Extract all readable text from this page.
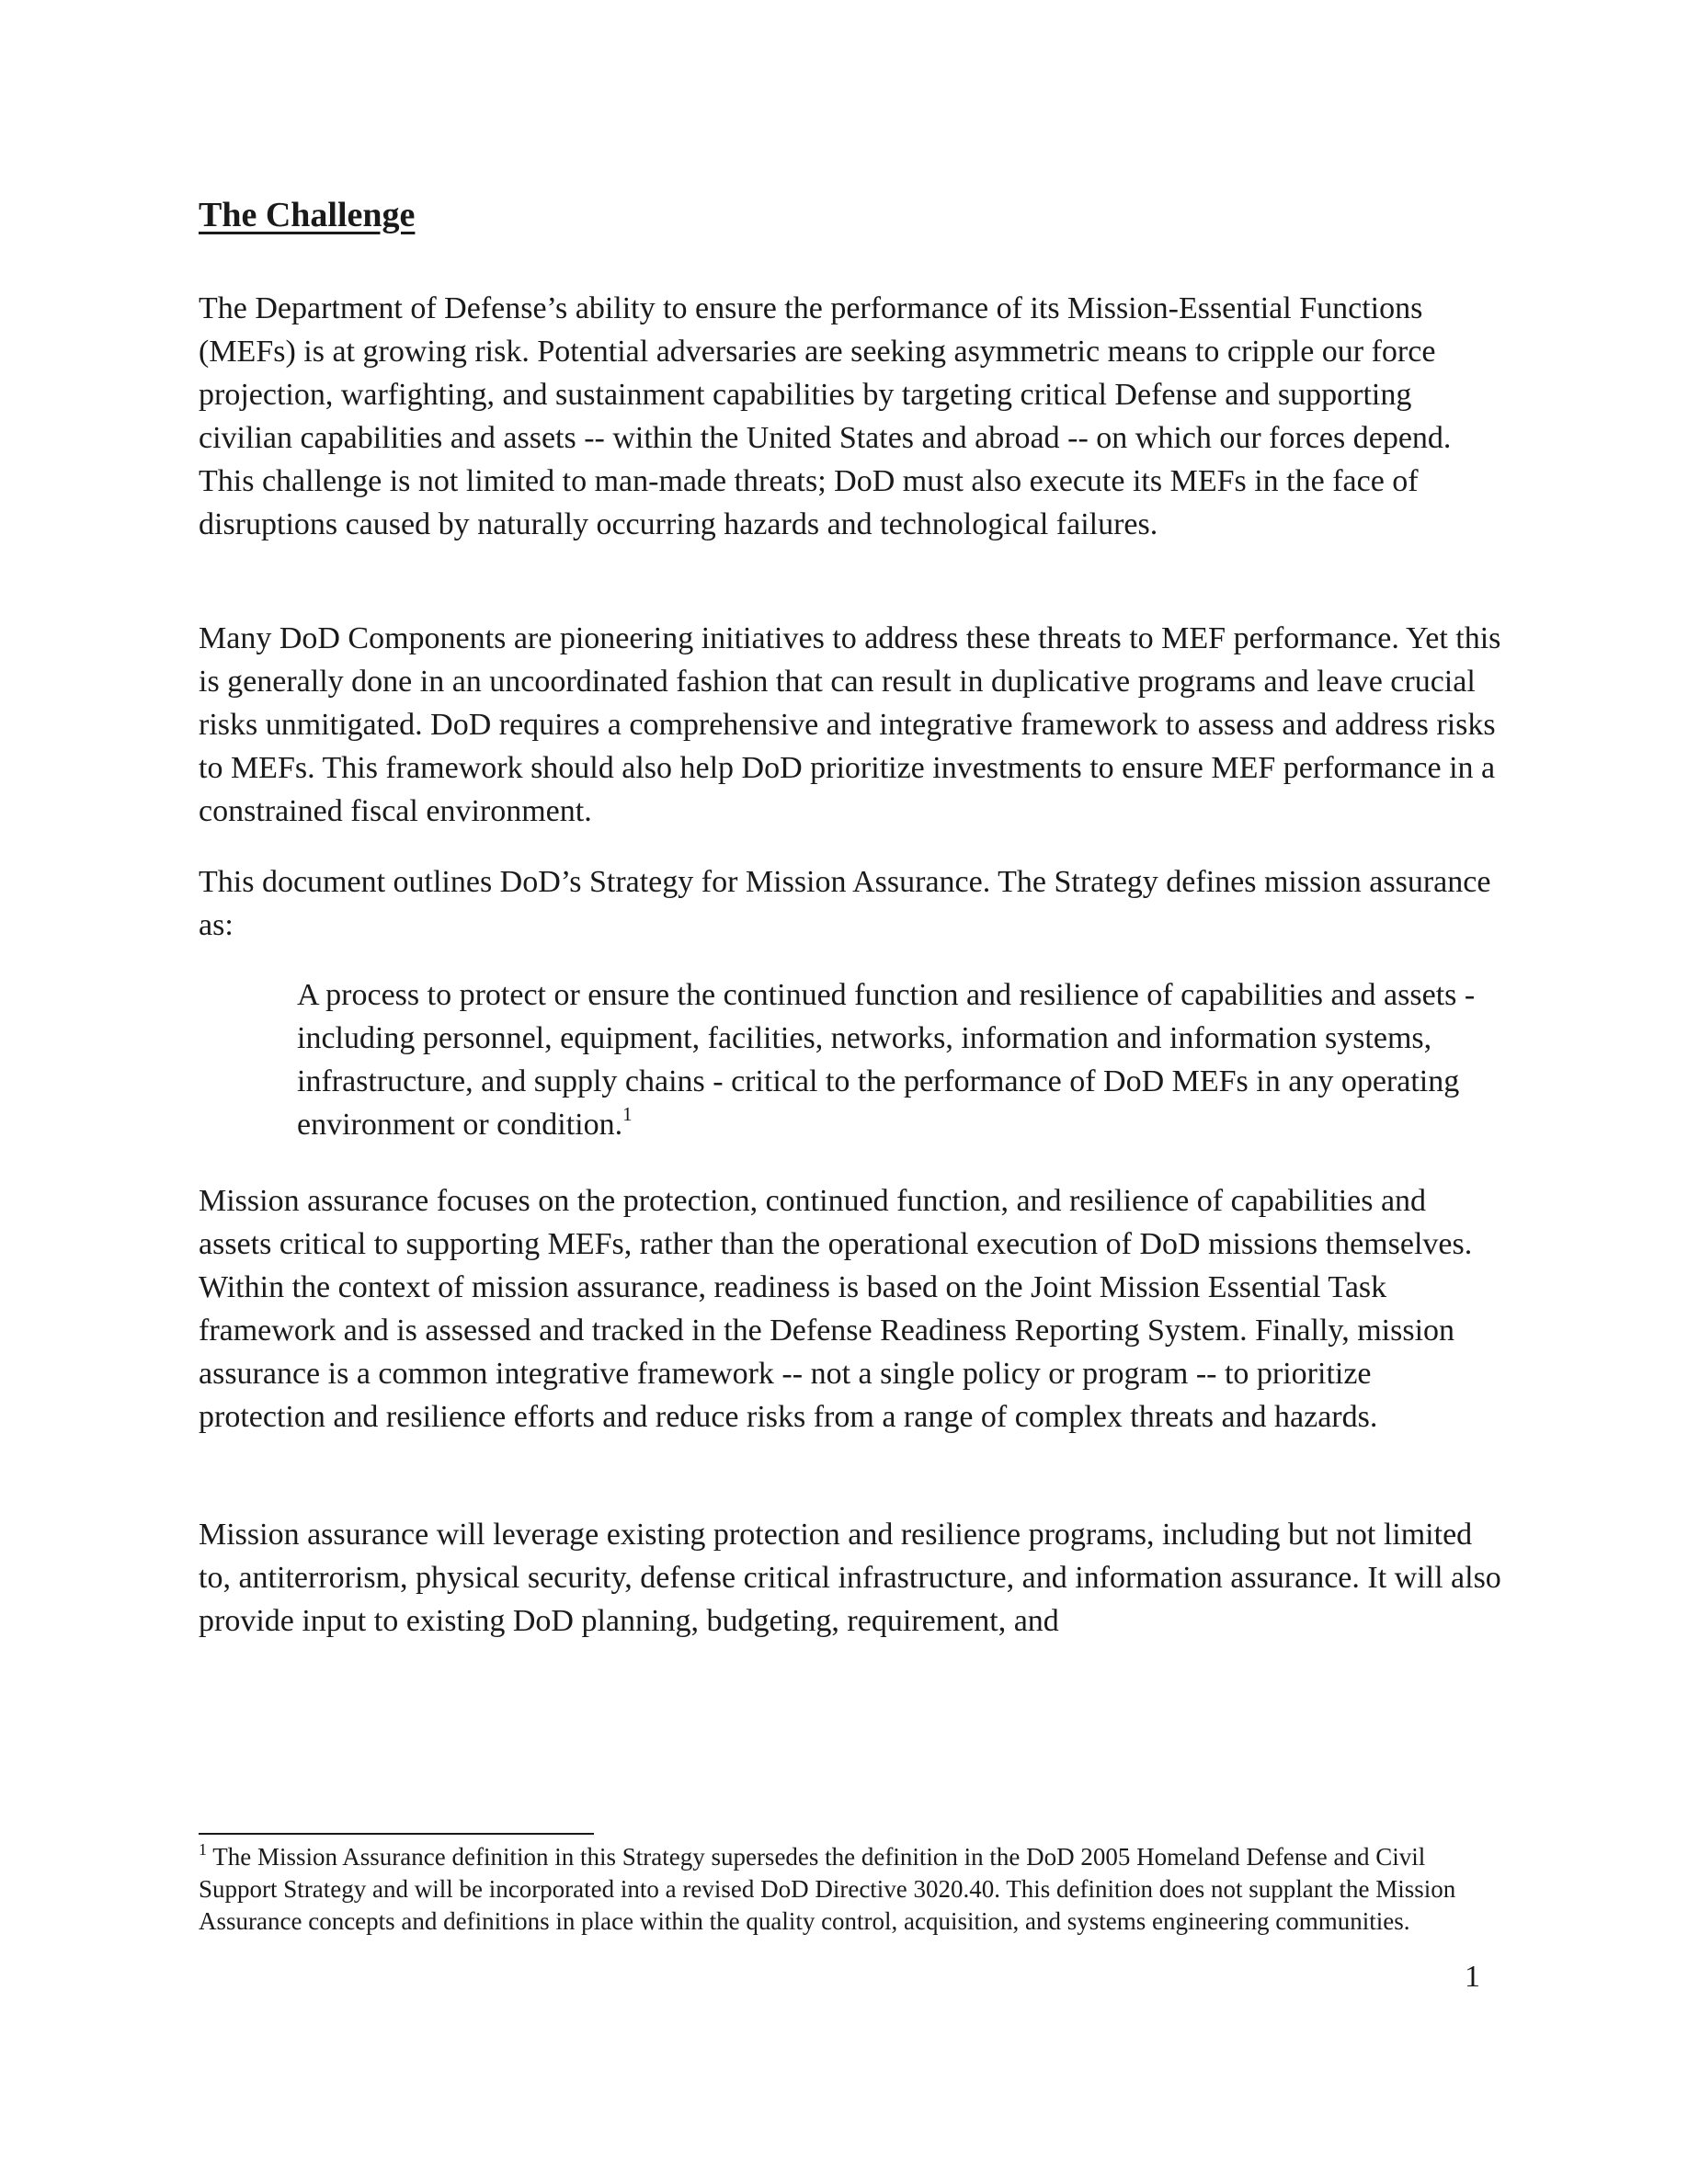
The Challenge

The Department of Defense’s ability to ensure the performance of its Mission-Essential Functions (MEFs) is at growing risk. Potential adversaries are seeking asymmetric means to cripple our force projection, warfighting, and sustainment capabilities by targeting critical Defense and supporting civilian capabilities and assets -- within the United States and abroad -- on which our forces depend. This challenge is not limited to man-made threats; DoD must also execute its MEFs in the face of disruptions caused by naturally occurring hazards and technological failures.

Many DoD Components are pioneering initiatives to address these threats to MEF performance. Yet this is generally done in an uncoordinated fashion that can result in duplicative programs and leave crucial risks unmitigated. DoD requires a comprehensive and integrative framework to assess and address risks to MEFs. This framework should also help DoD prioritize investments to ensure MEF performance in a constrained fiscal environment.

This document outlines DoD’s Strategy for Mission Assurance. The Strategy defines mission assurance as:

A process to protect or ensure the continued function and resilience of capabilities and assets - including personnel, equipment, facilities, networks, information and information systems, infrastructure, and supply chains - critical to the performance of DoD MEFs in any operating environment or condition.$^1$

Mission assurance focuses on the protection, continued function, and resilience of capabilities and assets critical to supporting MEFs, rather than the operational execution of DoD missions themselves. Within the context of mission assurance, readiness is based on the Joint Mission Essential Task framework and is assessed and tracked in the Defense Readiness Reporting System. Finally, mission assurance is a common integrative framework -- not a single policy or program -- to prioritize protection and resilience efforts and reduce risks from a range of complex threats and hazards.

Mission assurance will leverage existing protection and resilience programs, including but not limited to, antiterrorism, physical security, defense critical infrastructure, and information assurance. It will also provide input to existing DoD planning, budgeting, requirement, and

$^1$ The Mission Assurance definition in this Strategy supersedes the definition in the DoD 2005 Homeland Defense and Civil Support Strategy and will be incorporated into a revised DoD Directive 3020.40. This definition does not supplant the Mission Assurance concepts and definitions in place within the quality control, acquisition, and systems engineering communities.

1
